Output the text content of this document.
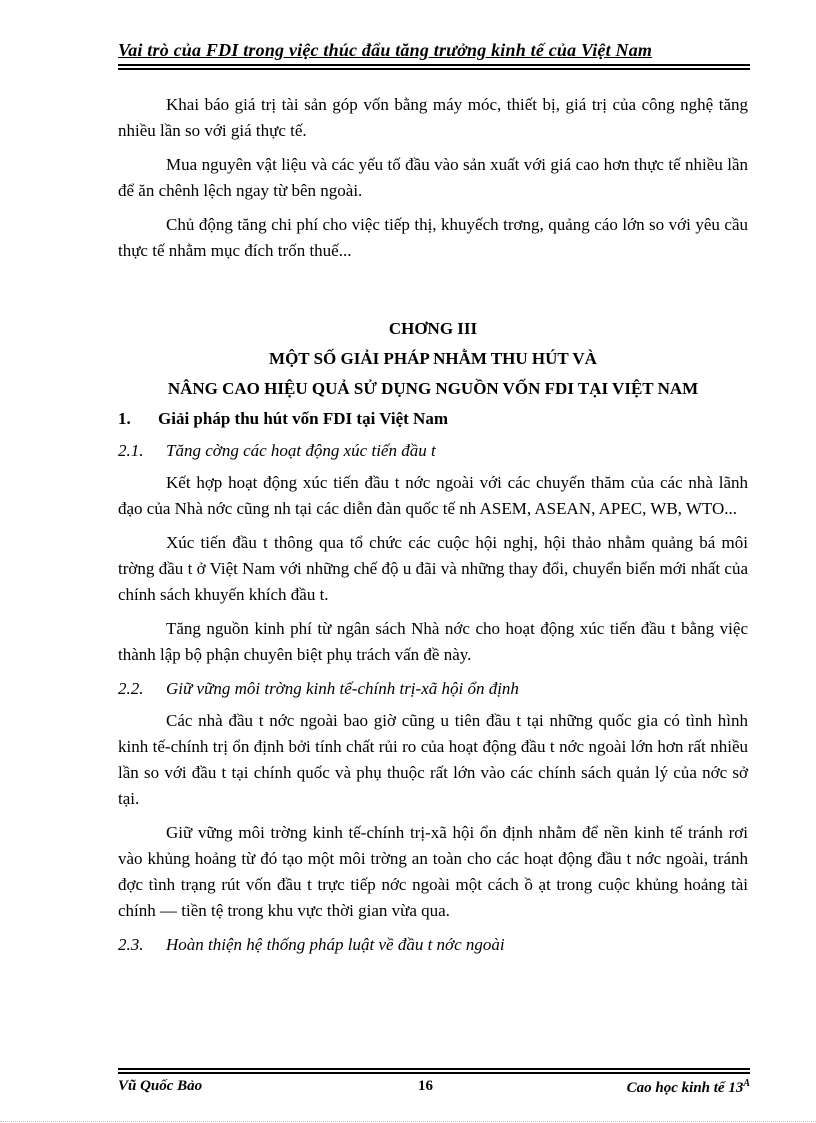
Vai trò của FDI trong việc thúc đẩu tăng trưởng kinh tế của Việt Nam

Khai báo giá trị tài sản góp vốn bằng máy móc, thiết bị, giá trị của công nghệ tăng nhiều lần so với giá thực tế.

Mua nguyên vật liệu và các yếu tố đầu vào sản xuất với giá cao hơn thực tế nhiều lần để ăn chênh lệch ngay từ bên ngoài.

Chủ động tăng chi phí cho việc tiếp thị, khuyếch trơng, quảng cáo lớn so với yêu cầu thực tế nhằm mục đích trốn thuế...

CHƠNG III

MỘT SỐ GIẢI PHÁP NHẰM THU HÚT VÀ

NÂNG CAO HIỆU QUẢ SỬ DỤNG NGUỒN VỐN FDI TẠI VIỆT NAM

1. Giải pháp thu hút vốn FDI tại Việt Nam
2.1. Tăng cờng các hoạt động xúc tiến đầu t

Kết hợp hoạt động xúc tiến đầu t nớc ngoài với các chuyến thăm của các nhà lãnh đạo của Nhà nớc cũng nh tại các diễn đàn quốc tế nh ASEM, ASEAN, APEC, WB, WTO...

Xúc tiến đầu t thông qua tổ chức các cuộc hội nghị, hội thảo nhằm quảng bá môi trờng đầu t ở Việt Nam với những chế độ u đãi và những thay đổi, chuyển biến mới nhất của chính sách khuyến khích đầu t.

Tăng nguồn kinh phí từ ngân sách Nhà nớc cho hoạt động xúc tiến đầu t bằng việc thành lập bộ phận chuyên biệt phụ trách vấn đề này.

2.2. Giữ vững môi trờng kinh tế-chính trị-xã hội ổn định

Các nhà đầu t nớc ngoài bao giờ cũng u tiên đầu t tại những quốc gia có tình hình kinh tế-chính trị ổn định bởi tính chất rủi ro của hoạt động đầu t nớc ngoài lớn hơn rất nhiều lần so với đầu t tại chính quốc và phụ thuộc rất lớn vào các chính sách quản lý của nớc sở tại.

Giữ vững môi trờng kinh tế-chính trị-xã hội ổn định nhằm để nền kinh tế tránh rơi vào khủng hoảng từ đó tạo một môi trờng an toàn cho các hoạt động đầu t nớc ngoài, tránh đợc tình trạng rút vốn đầu t trực tiếp nớc ngoài một cách ồ ạt trong cuộc khủng hoảng tài chính — tiền tệ trong khu vực thời gian vừa qua.

2.3. Hoàn thiện hệ thống pháp luật về đầu t nớc ngoài
Vũ Quốc Bảo	16	Cao học kinh tế $13^A$
